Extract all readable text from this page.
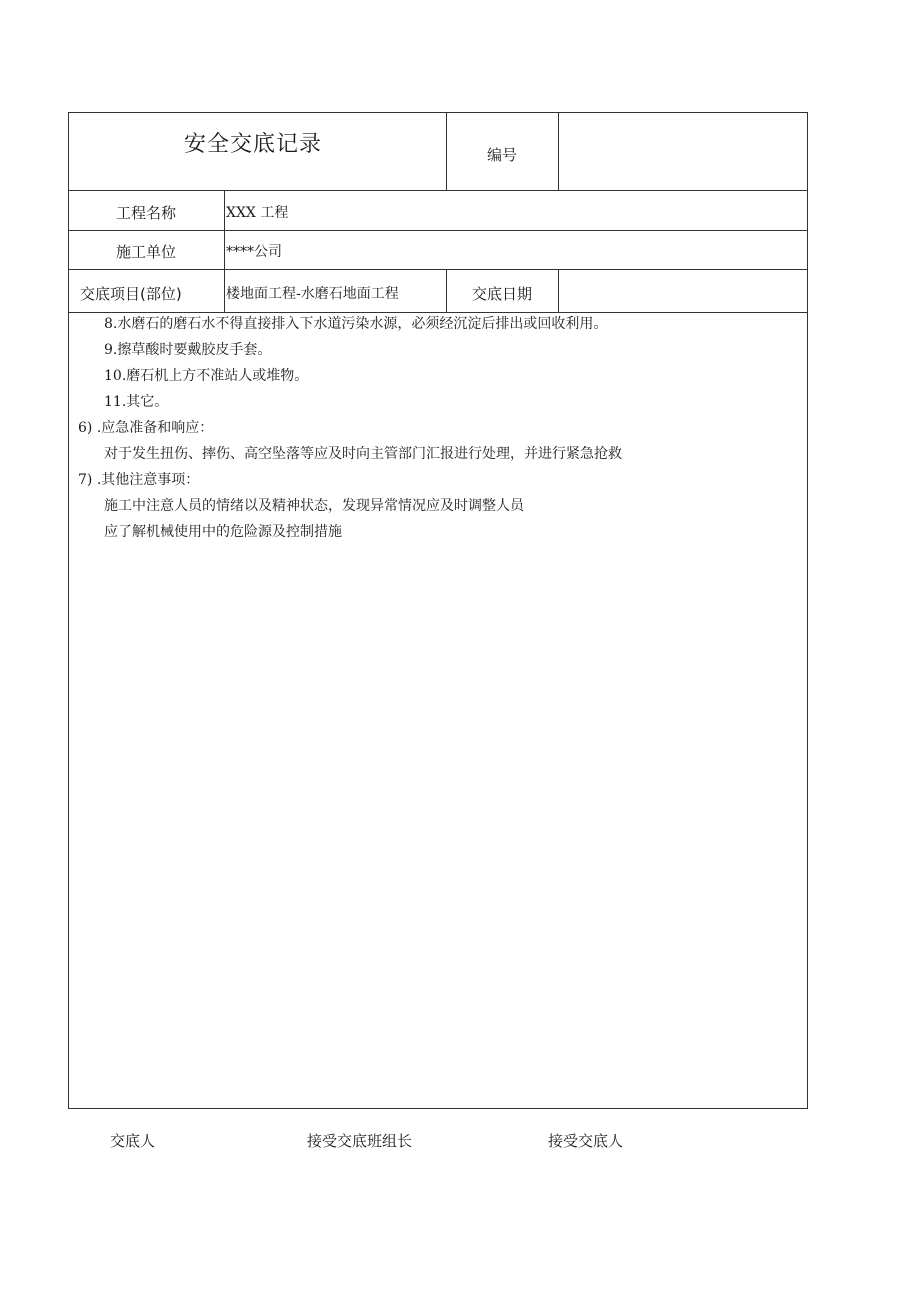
安全交底记录	编号
工程名称	XXX 工程
施工单位	****公司
交底项目(部位)	楼地面工程-水磨石地面工程	交底日期
8.水磨石的磨石水不得直接排入下水道污染水源，必须经沉淀后排出或回收利用。
9.擦草酸时要戴胶皮手套。
10.磨石机上方不准站人或堆物。
11.其它。
6) .应急准备和响应：
对于发生扭伤、摔伤、高空坠落等应及时向主管部门汇报进行处理，并进行紧急抢救
7) .其他注意事项：
施工中注意人员的情绪以及精神状态，发现异常情况应及时调整人员
应了解机械使用中的危险源及控制措施
交底人	接受交底班组长	接受交底人
